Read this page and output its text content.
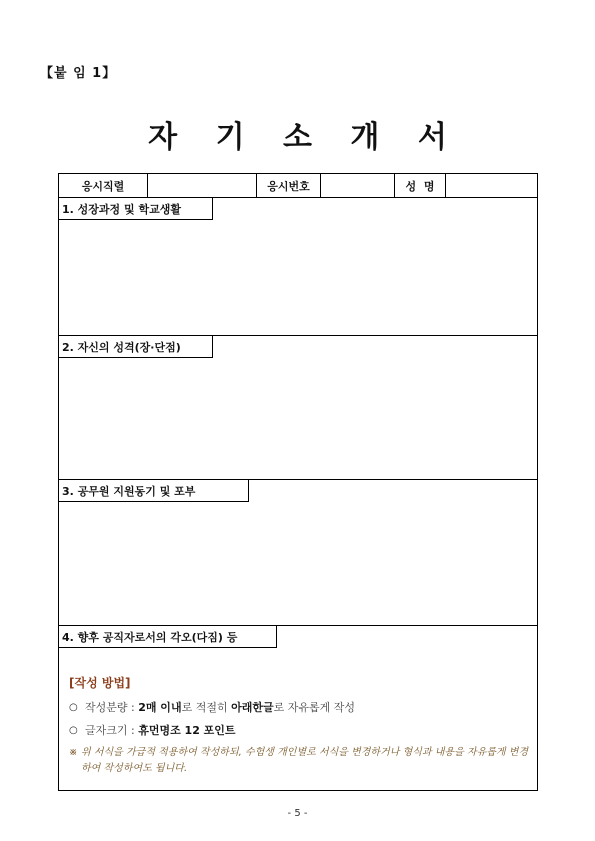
【붙 임 1】
자 기 소 개 서
응시직렬	응시번호	성  명
1. 성장과정 및 학교생활
2. 자신의 성격(장·단점)
3. 공무원 지원동기 및 포부
4. 향후 공직자로서의 각오(다짐) 등
[작성 방법]
○ 작성분량 : 2매 이내 로 적절히 아래한글 로 자유롭게 작성
○ 글자크기 : 휴먼명조 12 포인트
※ 위 서식을 가급적 적용하여 작성하되, 수험생 개인별로 서식을 변경하거나 형식과 내용을 자유롭게 변경하여 작성하여도 됩니다.
- 5 -
